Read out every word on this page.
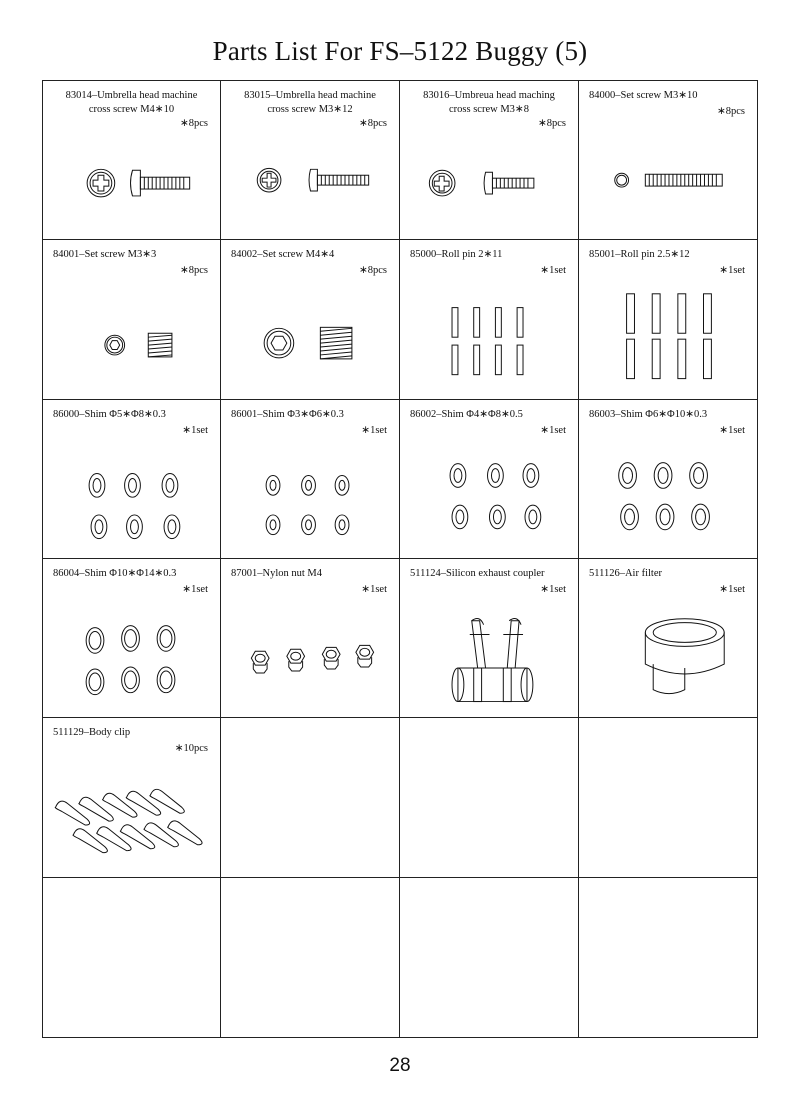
Parts List For FS–5122 Buggy (5)
83014–Umbrella head machine
cross screw M4∗10
∗8pcs
83015–Umbrella head machine
cross screw M3∗12
∗8pcs
83016–Umbreua head maching
cross screw M3∗8
∗8pcs
84000–Set screw M3∗10
∗8pcs
84001–Set screw M3∗3
∗8pcs
84002–Set screw M4∗4
∗8pcs
85000–Roll pin 2∗11
∗1set
85001–Roll pin 2.5∗12
∗1set
86000–Shim Φ5∗Φ8∗0.3
∗1set
86001–Shim Φ3∗Φ6∗0.3
∗1set
86002–Shim Φ4∗Φ8∗0.5
∗1set
86003–Shim Φ6∗Φ10∗0.3
∗1set
86004–Shim Φ10∗Φ14∗0.3
∗1set
87001–Nylon nut M4
∗1set
511124–Silicon exhaust coupler
∗1set
511126–Air filter
∗1set
511129–Body clip
∗10pcs
28
